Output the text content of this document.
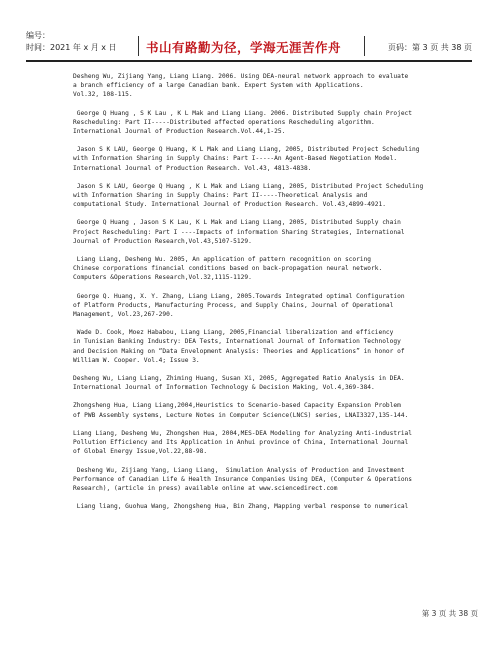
编号：
时间：2021 年 x 月 x 日 书山有路勤为径，学海无涯苦作舟	页码：第 3 页 共 38 页

Desheng Wu, Zijiang Yang, Liang Liang. 2006. Using DEA-neural network approach to evaluate
a branch efficiency of a large Canadian bank. Expert System with Applications.
Vol.32, 108-115.

George Q Huang , S K Lau , K L Mak and Liang Liang. 2006. Distributed Supply chain Project
Rescheduling: Part II-----Distributed affected operations Rescheduling algorithm.
International Journal of Production Research.Vol.44,1-25.

Jason S K LAU, George Q Huang, K L Mak and Liang Liang, 2005, Distributed Project Scheduling
with Information Sharing in Supply Chains: Part I-----An Agent-Based Negotiation Model.
International Journal of Production Research. Vol.43, 4813-4838.

Jason S K LAU, George Q Huang , K L Mak and Liang Liang, 2005, Distributed Project Scheduling
with Information Sharing in Supply Chains: Part II-----Theoretical Analysis and
computational Study. International Journal of Production Research. Vol.43,4899-4921.

George Q Huang , Jason S K Lau, K L Mak and Liang Liang, 2005, Distributed Supply chain
Project Rescheduling: Part I ----Impacts of information Sharing Strategies, International
Journal of Production Research,Vol.43,5107-5129.

Liang Liang, Desheng Wu. 2005, An application of pattern recognition on scoring
Chinese corporations financial conditions based on back-propagation neural network.
Computers &Operations Research,Vol.32,1115-1129.

George Q. Huang, X. Y. Zhang, Liang Liang, 2005.Towards Integrated optimal Configuration
of Platform Products, Manufacturing Process, and Supply Chains, Journal of Operational
Management, Vol.23,267-290.

Wade D. Cook, Moez Hababou, Liang Liang, 2005,Financial liberalization and efficiency
in Tunisian Banking Industry: DEA Tests, International Journal of Information Technology
and Decision Making on “Data Envelopment Analysis: Theories and Applications” in honor of
William W. Cooper. Vol.4; Issue 3.

Desheng Wu, Liang Liang, Zhiming Huang, Susan Xi, 2005, Aggregated Ratio Analysis in DEA.
International Journal of Information Technology & Decision Making, Vol.4,369-384.

Zhongsheng Hua, Liang Liang,2004,Heuristics to Scenario-based Capacity Expansion Problem
of PWB Assembly systems, Lecture Notes in Computer Science(LNCS) series, LNAI3327,135-144.

Liang Liang, Desheng Wu, Zhongshen Hua, 2004,MES-DEA Modeling for Analyzing Anti-industrial
Pollution Efficiency and Its Application in Anhui province of China, International Journal
of Global Energy Issue,Vol.22,88-98.

Desheng Wu, Zijiang Yang, Liang Liang,  Simulation Analysis of Production and Investment
Performance of Canadian Life & Health Insurance Companies Using DEA, (Computer & Operations
Research), (article in press) available online at www.sciencedirect.com

Liang liang, Guohua Wang, Zhongsheng Hua, Bin Zhang, Mapping verbal response to numerical

第 3 页 共 38 页
